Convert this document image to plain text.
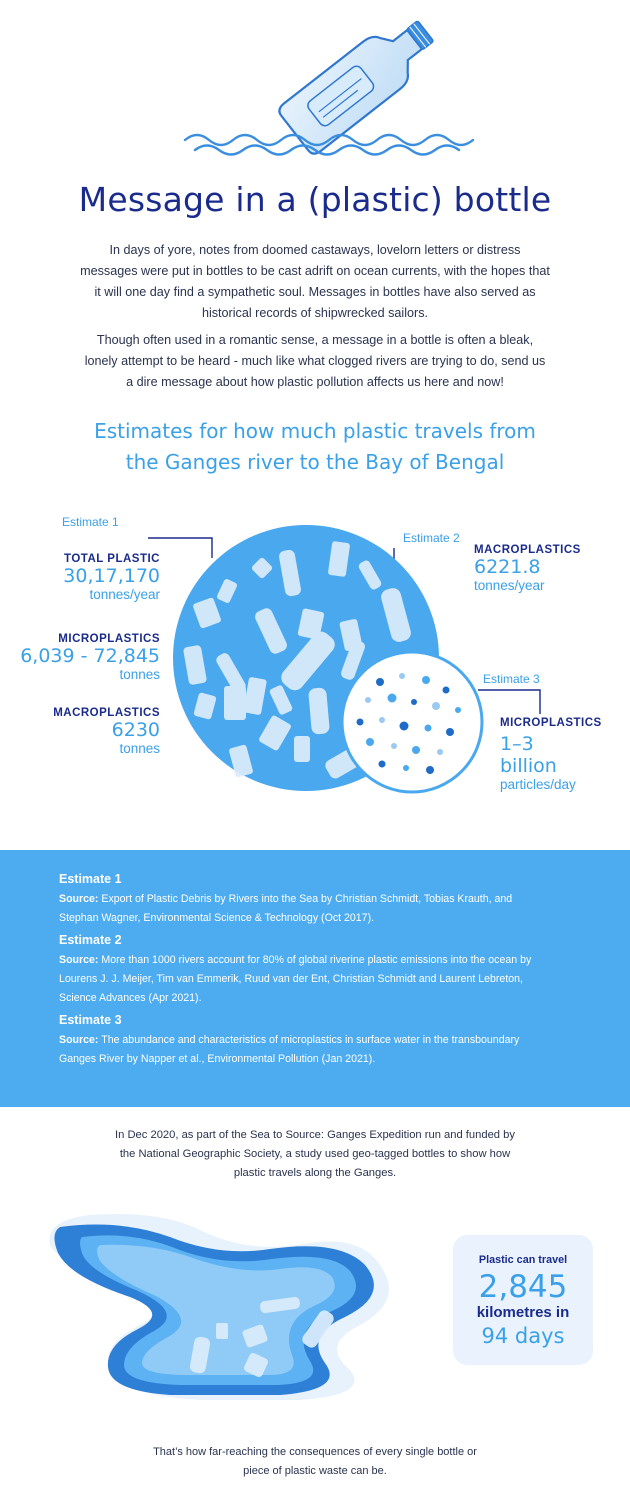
Message in a (plastic) bottle
In days of yore, notes from doomed castaways, lovelorn letters or distress messages were put in bottles to be cast adrift on ocean currents, with the hopes that it will one day find a sympathetic soul. Messages in bottles have also served as historical records of shipwrecked sailors.
Though often used in a romantic sense, a message in a bottle is often a bleak, lonely attempt to be heard - much like what clogged rivers are trying to do, send us a dire message about how plastic pollution affects us here and now!
Estimates for how much plastic travels from
the Ganges river to the Bay of Bengal
Estimate 1
TOTAL PLASTIC
30,17,170
tonnes/year
MICROPLASTICS
6,039 - 72,845
tonnes
MACROPLASTICS
6230
tonnes
Estimate 2
MACROPLASTICS
6221.8
tonnes/year
Estimate 3
MICROPLASTICS
1–3
billion
particles/day
Estimate 1
Source: Export of Plastic Debris by Rivers into the Sea by Christian Schmidt, Tobias Krauth, and
Stephan Wagner, Environmental Science & Technology (Oct 2017).
Estimate 2
Source: More than 1000 rivers account for 80% of global riverine plastic emissions into the ocean by
Lourens J. J. Meijer, Tim van Emmerik, Ruud van der Ent, Christian Schmidt and Laurent Lebreton,
Science Advances (Apr 2021).
Estimate 3
Source: The abundance and characteristics of microplastics in surface water in the transboundary
Ganges River by Napper et al., Environmental Pollution (Jan 2021).
In Dec 2020, as part of the Sea to Source: Ganges Expedition run and funded by the National Geographic Society, a study used geo-tagged bottles to show how plastic travels along the Ganges.
Plastic can travel
2,845
kilometres in
94 days
That’s how far-reaching the consequences of every single bottle or piece of plastic waste can be.
